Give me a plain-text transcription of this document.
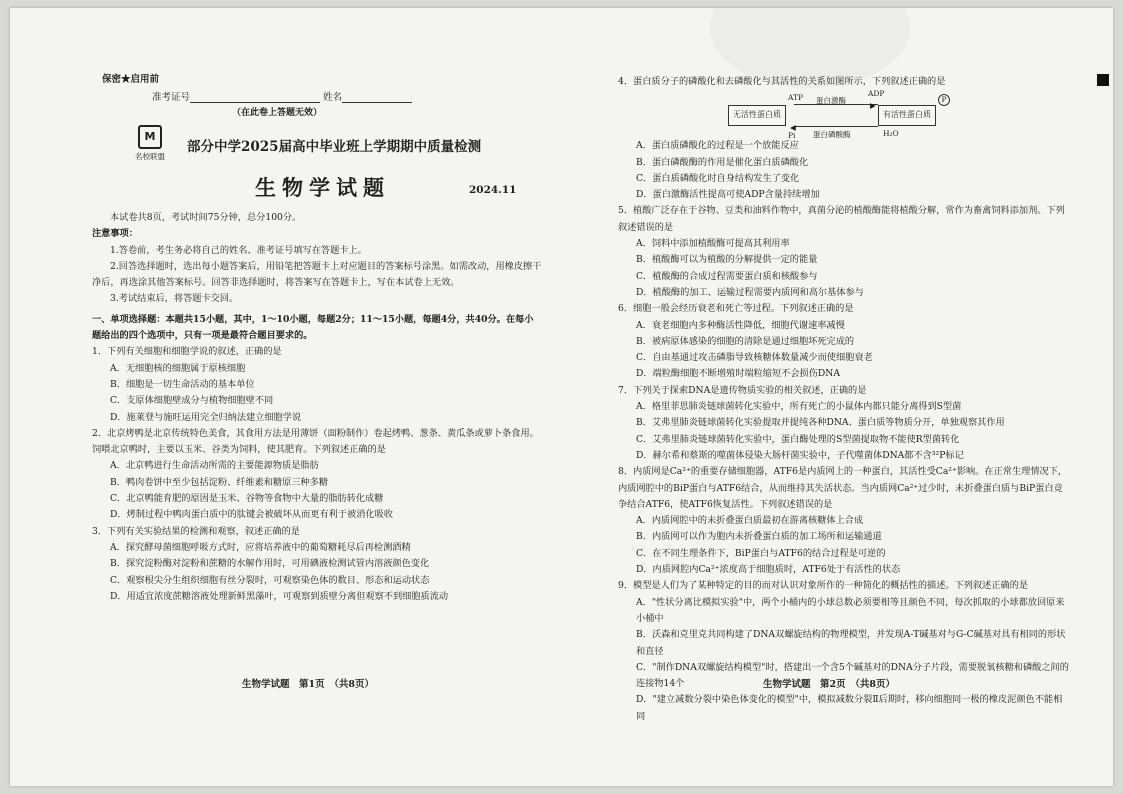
保密★启用前
准考证号	姓名
（在此卷上答题无效）
M
名校联盟
部分中学2025届高中毕业班上学期期中质量检测
生物学试题	2024.11

本试卷共8页，考试时间75分钟，总分100分。

注意事项：

1.答卷前，考生务必将自己的姓名、准考证号填写在答题卡上。

2.回答选择题时，选出每小题答案后，用铅笔把答题卡上对应题目的答案标号涂黑。如需改动，用橡皮擦干净后，再选涂其他答案标号。回答非选择题时，将答案写在答题卡上，写在本试卷上无效。

3.考试结束后，将答题卡交回。

一、单项选择题：本题共15小题，其中，1～10小题，每题2分；11～15小题，每题4分，共40分。在每小题给出的四个选项中，只有一项是最符合题目要求的。

1．下列有关细胞和细胞学说的叙述，正确的是

A．无细胞核的细胞属于原核细胞

B．细胞是一切生命活动的基本单位

C．支原体细胞壁成分与植物细胞壁不同

D．施莱登与施旺运用完全归纳法建立细胞学说

2．北京烤鸭是北京传统特色美食，其食用方法是用薄饼（面粉制作）卷起烤鸭、葱条、黄瓜条或萝卜条食用。饲喂北京鸭时，主要以玉米、谷类为饲料，使其肥育。下列叙述正确的是

A．北京鸭进行生命活动所需的主要能源物质是脂肪

B．鸭肉卷饼中至少包括淀粉、纤维素和糖原三种多糖

C．北京鸭能育肥的原因是玉米、谷物等食物中大量的脂肪转化成糖

D．烤制过程中鸭肉蛋白质中的肽键会被破坏从而更有利于被消化吸收

3．下列有关实验结果的检测和观察，叙述正确的是

A．探究酵母菌细胞呼吸方式时，应将培养液中的葡萄糖耗尽后再检测酒精

B．探究淀粉酶对淀粉和蔗糖的水解作用时，可用碘液检测试管内溶液颜色变化

C．观察根尖分生组织细胞有丝分裂时，可观察染色体的数目、形态和运动状态

D．用适宜浓度蔗糖溶液处理新鲜黑藻叶，可观察到质壁分离但观察不到细胞质流动

生物学试题　第1页　（共8页）

4．蛋白质分子的磷酸化和去磷酸化与其活性的关系如图所示，下列叙述正确的是

无活性蛋白质	有活性蛋白质
▶
◀
蛋白激酶
蛋白磷酸酶
ATP	ADP
P
Pi	H₂O

A．蛋白质磷酸化的过程是一个放能反应

B．蛋白磷酸酶的作用是催化蛋白质磷酸化

C．蛋白质磷酸化时自身结构发生了变化

D．蛋白激酶活性提高可使ADP含量持续增加

5．植酸广泛存在于谷物、豆类和油料作物中，真菌分泌的植酸酶能将植酸分解，常作为畜禽饲料添加剂。下列叙述错误的是

A．饲料中添加植酸酶可提高其利用率

B．植酸酶可以为植酸的分解提供一定的能量

C．植酸酶的合成过程需要蛋白质和核酸参与

D．植酸酶的加工、运输过程需要内质网和高尔基体参与

6．细胞一般会经历衰老和死亡等过程。下列叙述正确的是

A．衰老细胞内多种酶活性降低，细胞代谢速率减慢

B．被病原体感染的细胞的清除是通过细胞坏死完成的

C．自由基通过攻击磷脂导致核糖体数量减少而使细胞衰老

D．端粒酶细胞不断增殖时端粒缩短不会损伤DNA

7．下列关于探索DNA是遗传物质实验的相关叙述，正确的是

A．格里菲思肺炎链球菌转化实验中，所有死亡的小鼠体内都只能分离得到S型菌

B．艾弗里肺炎链球菌转化实验提取并提纯各种DNA、蛋白质等物质分开，单独观察其作用

C．艾弗里肺炎链球菌转化实验中，蛋白酶处理的S型菌提取物不能使R型菌转化

D．赫尔希和蔡斯的噬菌体侵染大肠杆菌实验中，子代噬菌体DNA都不含³²P标记

8．内质网是Ca²⁺的重要存储细胞器，ATF6是内质网上的一种蛋白，其活性受Ca²⁺影响。在正常生理情况下，内质网腔中的BiP蛋白与ATF6结合，从而维持其失活状态。当内质网Ca²⁺过少时，未折叠蛋白质与BiP蛋白竞争结合ATF6，使ATF6恢复活性。下列叙述错误的是

A．内质网腔中的未折叠蛋白质最初在游离核糖体上合成

B．内质网可以作为胞内未折叠蛋白质的加工场所和运输通道

C．在不同生理条件下，BiP蛋白与ATF6的结合过程是可逆的

D．内质网腔内Ca²⁺浓度高于细胞质时，ATF6处于有活性的状态

9．模型是人们为了某种特定的目的而对认识对象所作的一种简化的概括性的描述。下列叙述正确的是

A．"性状分离比模拟实验"中，两个小桶内的小球总数必须要相等且颜色不同，每次抓取的小球都放回原来小桶中

B．沃森和克里克共同构建了DNA双螺旋结构的物理模型，并发现A-T碱基对与G-C碱基对具有相同的形状和直径

C．"制作DNA双螺旋结构模型"时，搭建出一个含5个碱基对的DNA分子片段，需要脱氧核糖和磷酸之间的连接物14个

D．"建立减数分裂中染色体变化的模型"中，模拟减数分裂Ⅱ后期时，移向细胞同一极的橡皮泥颜色不能相同

生物学试题　第2页　（共8页）
